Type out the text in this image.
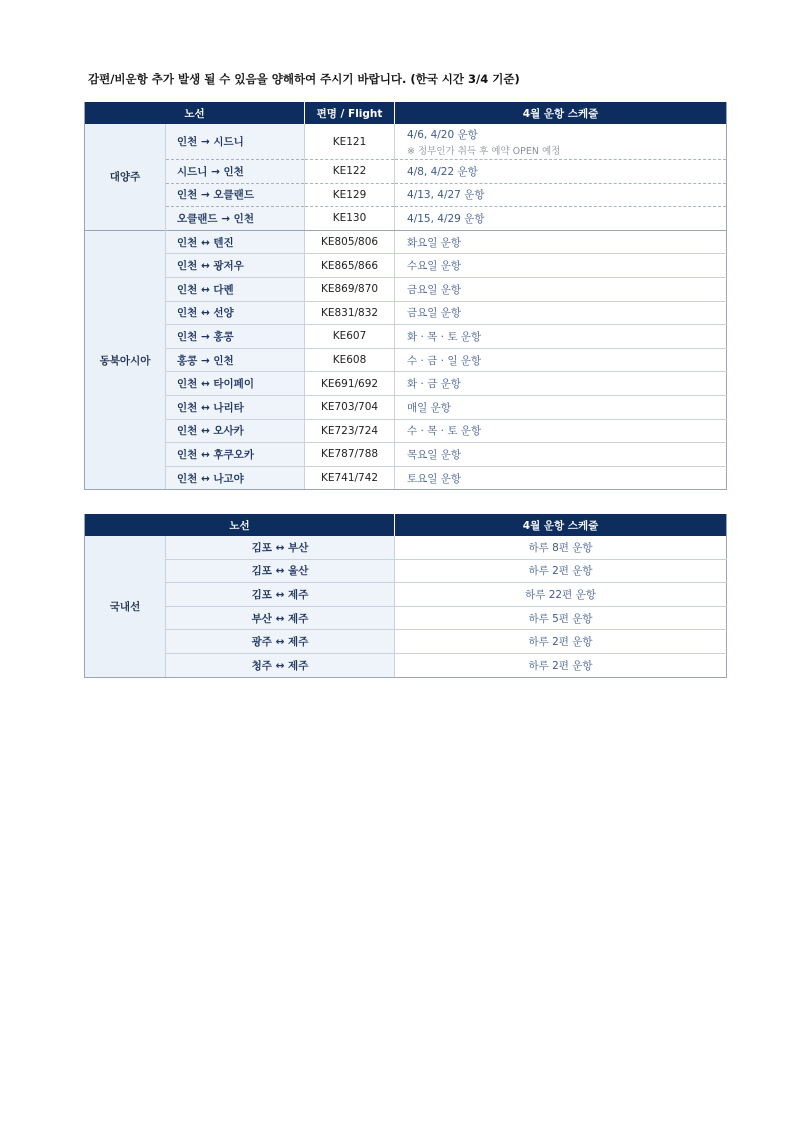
감편/비운항 추가 발생 될 수 있음을 양해하여 주시기 바랍니다. (한국 시간 3/4 기준)
노선		편명 / Flight	4월 운항 스케줄
대양주	인천 → 시드니	KE121	4/6, 4/20 운항
※ 정부인가 취득 후 예약 OPEN 예정

	시드니 → 인천	KE122	4/8, 4/22 운항
	인천 → 오클랜드	KE129	4/13, 4/27 운항
	오클랜드 → 인천	KE130	4/15, 4/29 운항
동북아시아	인천 ↔ 텐진	KE805/806	화요일 운항
	인천 ↔ 광저우	KE865/866	수요일 운항
	인천 ↔ 다롄	KE869/870	금요일 운항
	인천 ↔ 선양	KE831/832	금요일 운항
	인천 → 홍콩	KE607	화 · 목 · 토 운항
	홍콩 → 인천	KE608	수 · 금 · 일 운항
	인천 ↔ 타이페이	KE691/692	화 · 금 운항
	인천 ↔ 나리타	KE703/704	매일 운항
	인천 ↔ 오사카	KE723/724	수 · 목 · 토 운항
	인천 ↔ 후쿠오카	KE787/788	목요일 운항
	인천 ↔ 나고야	KE741/742	토요일 운항
노선		4월 운항 스케줄
국내선	김포 ↔ 부산	하루 8편 운항
	김포 ↔ 울산	하루 2편 운항
	김포 ↔ 제주	하루 22편 운항
	부산 ↔ 제주	하루 5편 운항
	광주 ↔ 제주	하루 2편 운항
	청주 ↔ 제주	하루 2편 운항
